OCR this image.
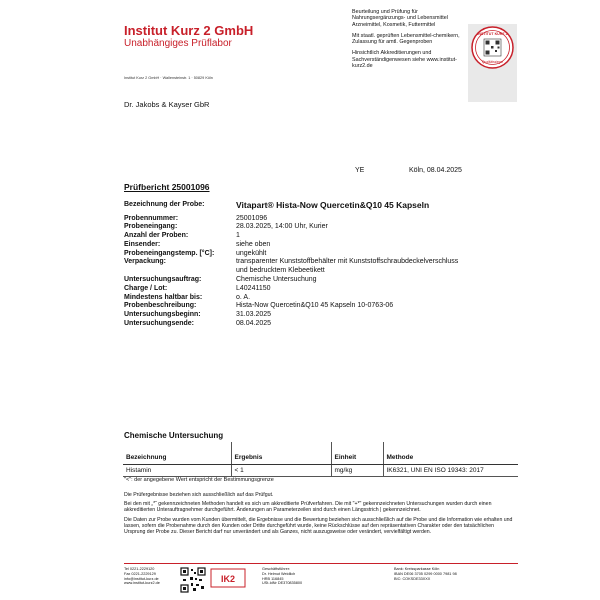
Institut Kurz 2 GmbH
Unabhängiges Prüflabor

Beurteilung und Prüfung für Nahrungsergänzungs- und Lebensmittel Arzneimittel, Kosmetik, Futtermittel

Mit staatl. geprüften Lebensmittel-chemikern, Zulassung für amtl. Gegenproben

Hinsichtlich Akkreditierungen und Sachverständigenwesen siehe www.institut-kurz2.de

INSTITUT KURZ 2
Qualitätssiegel
Institut Kurz 2 GmbH · Wallensteinstr. 1 · 50829 Köln
Dr. Jakobs & Kayser GbR
YE	Köln, 08.04.2025
Prüfbericht 25001096
Bezeichnung der Probe:	Vitapart® Hista-Now Quercetin&Q10 45 Kapseln
Probennummer:	25001096
Probeneingang:	28.03.2025, 14:00 Uhr, Kurier
Anzahl der Proben:	1
Einsender:	siehe oben
Probeneingangstemp. [°C]:	ungekühlt
Verpackung:	transparenter Kunststoffbehälter mit Kunststoffschraubdeckelverschluss und bedrucktem Klebeetikett
Untersuchungsauftrag:	Chemische Untersuchung
Charge / Lot:	L40241150
Mindestens haltbar bis:	o. A.
Probenbeschreibung:	Hista-Now Quercetin&Q10 45 Kapseln 10-0763-06
Untersuchungsbeginn:	31.03.2025
Untersuchungsende:	08.04.2025
Chemische Untersuchung
Bezeichnung	Ergebnis	Einheit	Methode
Histamin	< 1	mg/kg	IK6321, UNI EN ISO 19343: 2017
"<": der angegebene Wert entspricht der Bestimmungsgrenze

Die Prüfergebnisse beziehen sich ausschließlich auf das Prüfgut.

Bei den mit „*“ gekennzeichneten Methoden handelt es sich um akkreditierte Prüfverfahren. Die mit "+*" gekennzeichneten Untersuchungen wurden durch einen akkreditierten Unterauftragnehmer durchgeführt. Änderungen an Parameterzeilen sind durch einen Längsstrich | gekennzeichnet.

Die Daten zur Probe wurden vom Kunden übermittelt, die Ergebnisse und die Bewertung beziehen sich ausschließlich auf die Probe und die Information wie erhalten und lassen, sofern die Probenahme durch den Kunden oder Dritte durchgeführt wurde, keine Rückschlüsse auf den repräsentativen Charakter oder den tatsächlichen Ursprung der Probe zu. Dieser Bericht darf nur unverändert und als Ganzes, nicht auszugsweise oder verändert, vervielfältigt werden.

Tel 0221-2229120
Fax 0221-2229129
info@institut-kurz.de
www.institut-kurz2.de	IK2
Geschäftsführer:
Dr. Helmut Weidlich
HRB 116845
USt-IdNr DE370835800
Bank: Kreissparkasse Köln
IBAN DE06 3705 0299 0000 7981 98
BIC: COKSDE33XXX
